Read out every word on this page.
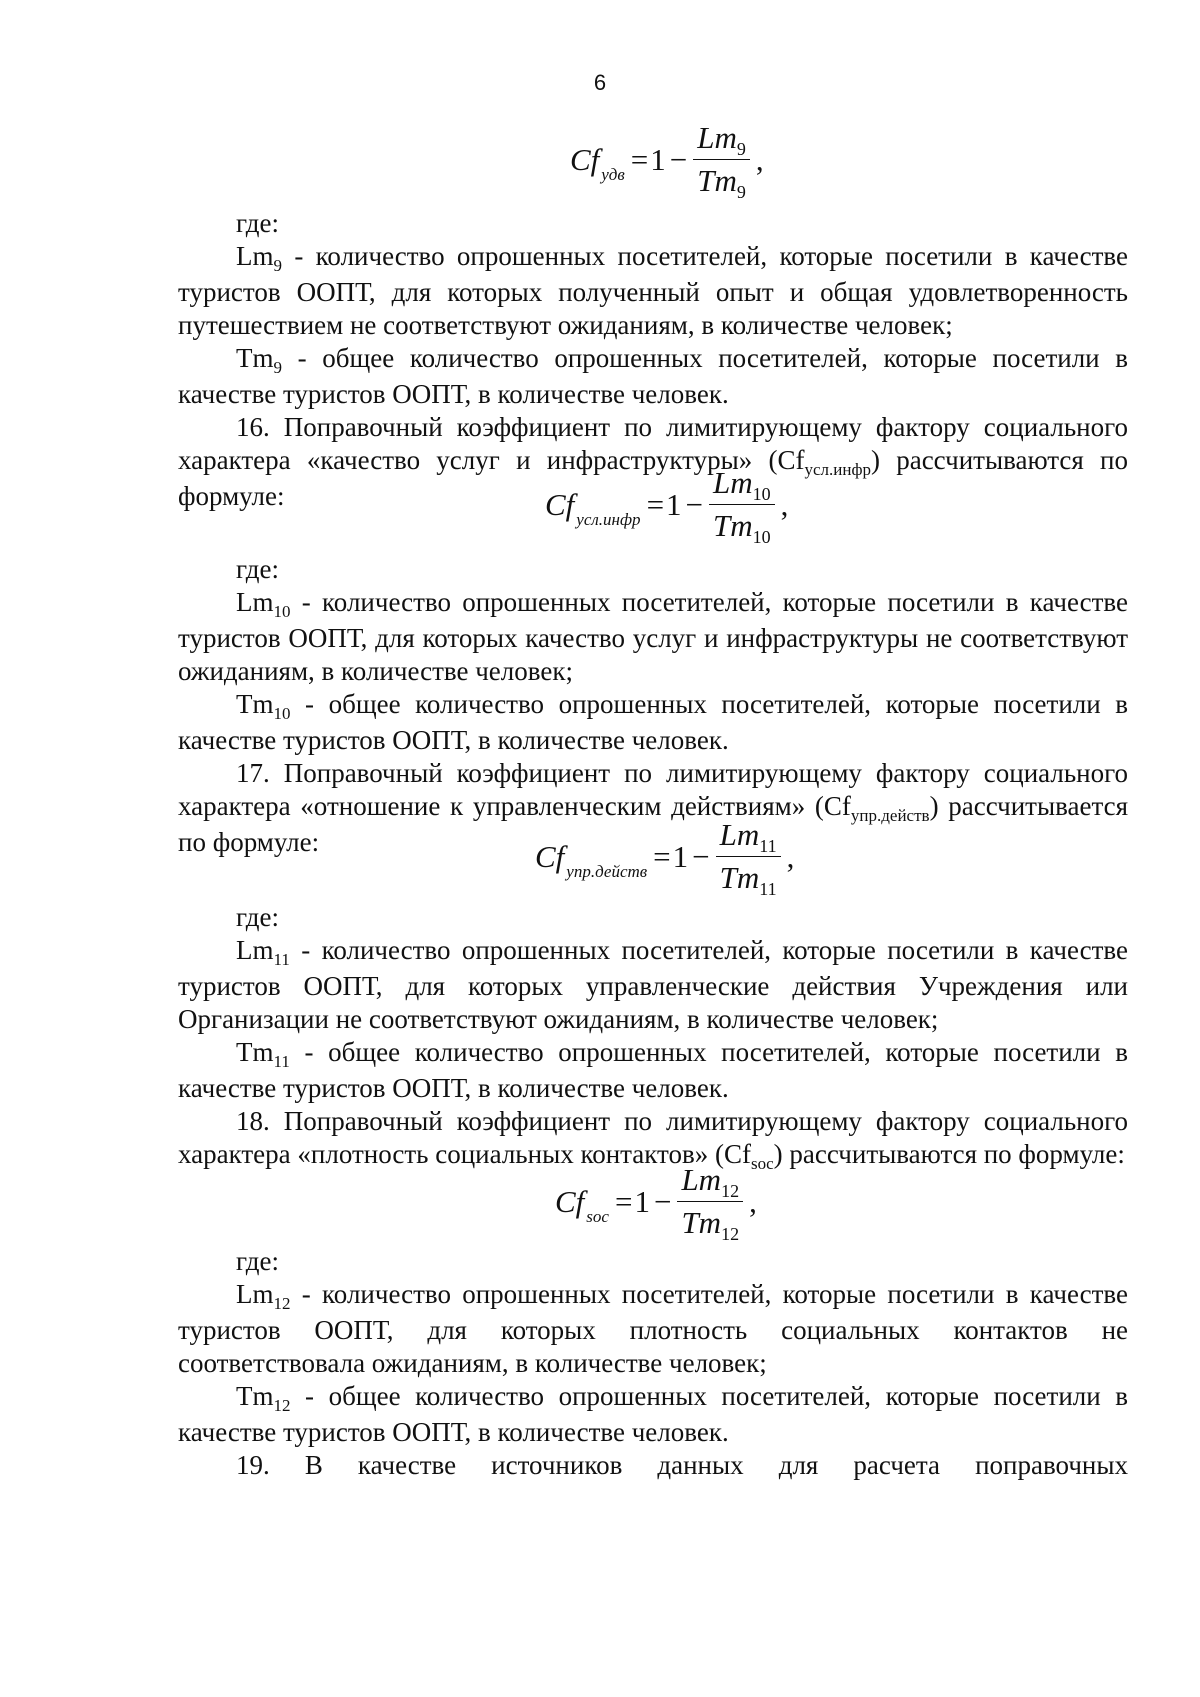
6
Cf удв = $1 - \frac{Lm_9}{Tm_9}$ ,

где:

$Lm_9$ - количество опрошенных посетителей, которые посетили в качестве туристов ООПТ, для которых полученный опыт и общая удовлетворенность путешествием не соответствуют ожиданиям, в количестве человек;

$Tm_9$ - общее количество опрошенных посетителей, которые посетили в качестве туристов ООПТ, в количестве человек.

16. Поправочный коэффициент по лимитирующему фактору социального характера «качество услуг и инфраструктуры» $(Cf_{усл.инфр})$ рассчитываются по формуле:	Cf усл.инфр = $1 - \frac{Lm_{10}}{Tm_{10}}$ ,

где:

$Lm_{10}$ - количество опрошенных посетителей, которые посетили в качестве туристов ООПТ, для которых качество услуг и инфраструктуры не соответствуют ожиданиям, в количестве человек;

$Tm_{10}$ - общее количество опрошенных посетителей, которые посетили в качестве туристов ООПТ, в количестве человек.

17. Поправочный коэффициент по лимитирующему фактору социального характера «отношение к управленческим действиям» $(Cf_{упр.действ})$ рассчитывается по формуле:	Cf упр.действ = $1 - \frac{Lm_{11}}{Tm_{11}}$ ,

где:

$Lm_{11}$ - количество опрошенных посетителей, которые посетили в качестве туристов ООПТ, для которых управленческие действия Учреждения или Организации не соответствуют ожиданиям, в количестве человек;

$Tm_{11}$ - общее количество опрошенных посетителей, которые посетили в качестве туристов ООПТ, в количестве человек.

18. Поправочный коэффициент по лимитирующему фактору социального характера «плотность социальных контактов» $(Cf_{soc})$ рассчитываются по формуле:

Cf soc = $1 - \frac{Lm_{12}}{Tm_{12}}$ ,

где:

$Lm_{12}$ - количество опрошенных посетителей, которые посетили в качестве туристов ООПТ, для которых плотность социальных контактов не соответствовала ожиданиям, в количестве человек;

$Tm_{12}$ - общее количество опрошенных посетителей, которые посетили в качестве туристов ООПТ, в количестве человек.

19. В качестве источников данных для расчета поправочных
